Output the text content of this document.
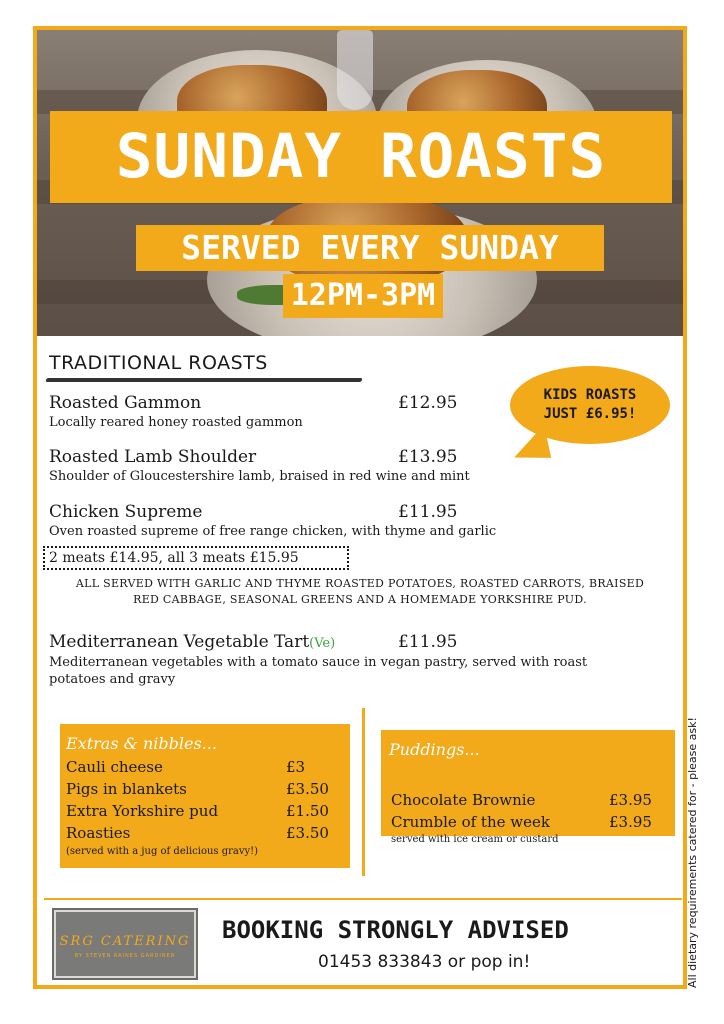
SUNDAY ROASTS
SERVED EVERY SUNDAY
12PM-3PM
TRADITIONAL ROASTS
Roasted Gammon	£12.95
Locally reared honey roasted gammon
Roasted Lamb Shoulder	£13.95
Shoulder of Gloucestershire lamb, braised in red wine and mint
Chicken Supreme	£11.95
Oven roasted supreme of free range chicken, with thyme and garlic
KIDS ROASTS
JUST £6.95!
2 meats £14.95, all 3 meats £15.95
ALL SERVED WITH GARLIC AND THYME ROASTED POTATOES, ROASTED CARROTS, BRAISED
RED CABBAGE, SEASONAL GREENS AND A HOMEMADE YORKSHIRE PUD.
Mediterranean Vegetable Tart(Ve)	£11.95
Mediterranean vegetables with a tomato sauce in vegan pastry, served with roast
potatoes and gravy
Extras & nibbles...
Cauli cheese	£3
Pigs in blankets	£3.50
Extra Yorkshire pud	£1.50
Roasties	£3.50
(served with a jug of delicious gravy!)
Puddings...
Chocolate Brownie	£3.95
Crumble of the week	£3.95
served with ice cream or custard
SRG CATERING
BY STEVEN RAINES GARDINER
BOOKING STRONGLY ADVISED
01453 833843 or pop in!	All dietary requirements catered for - please ask!
